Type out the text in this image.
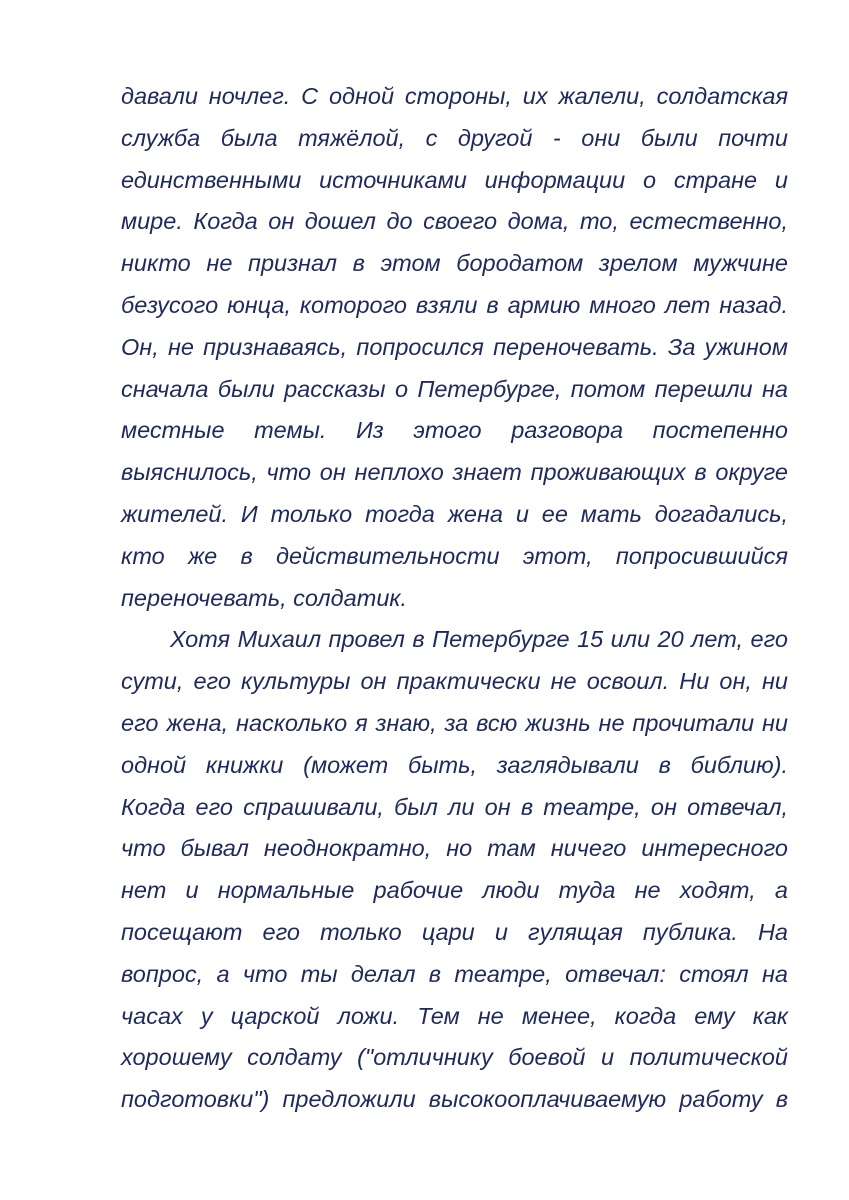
давали ночлег. С одной стороны, их жалели, солдатская
служба была тяжёлой, с другой - они были почти
единственными источниками информации о стране и
мире. Когда он дошел до своего дома, то, естественно,
никто не признал в этом бородатом зрелом мужчине
безусого юнца, которого взяли в армию много лет назад.
Он, не признаваясь, попросился переночевать. За ужином
сначала были рассказы о Петербурге, потом перешли на
местные темы. Из этого разговора постепенно
выяснилось, что он неплохо знает проживающих в округе
жителей. И только тогда жена и ее мать догадались,
кто же в действительности этот, попросившийся
переночевать, солдатик.
Хотя Михаил провел в Петербурге 15 или 20 лет, его
сути, его культуры он практически не освоил. Ни он, ни
его жена, насколько я знаю, за всю жизнь не прочитали ни
одной книжки (может быть, заглядывали в библию).
Когда его спрашивали, был ли он в театре, он отвечал,
что бывал неоднократно, но там ничего интересного
нет и нормальные рабочие люди туда не ходят, а
посещают его только цари и гулящая публика. На
вопрос, а что ты делал в театре, отвечал: стоял на
часах у царской ложи. Тем не менее, когда ему как
хорошему солдату ("отличнику боевой и политической
подготовки") предложили высокооплачиваемую работу в
